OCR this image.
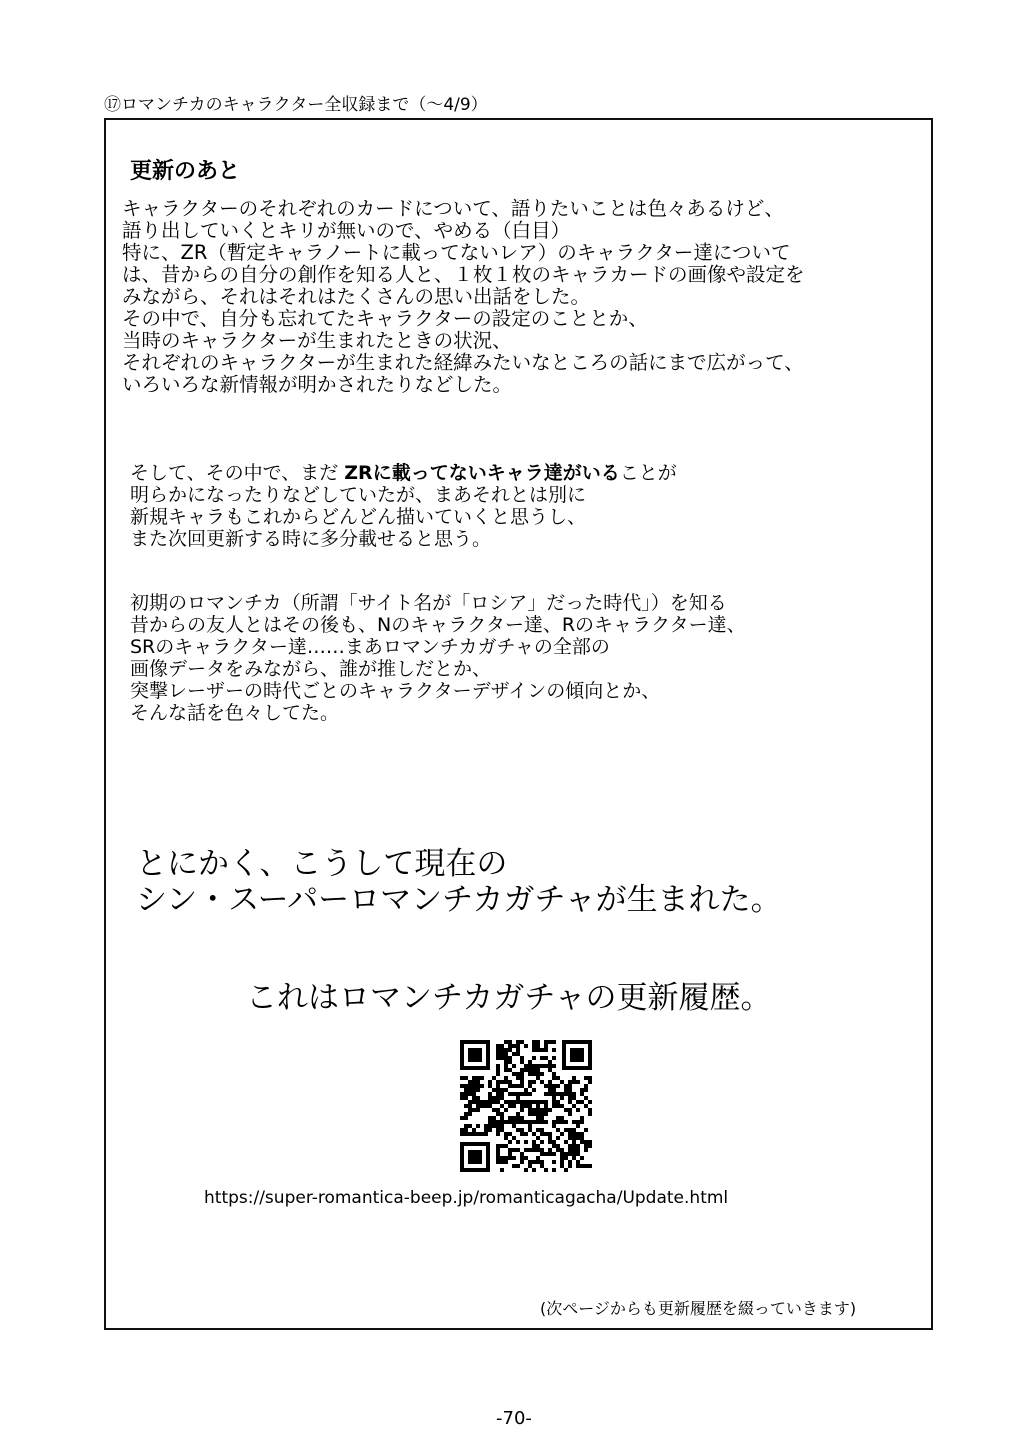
⑰ロマンチカのキャラクター全収録まで（〜4/9）
更新のあと
キャラクターのそれぞれのカードについて、語りたいことは色々あるけど、
語り出していくとキリが無いので、やめる（白目）
特に、ZR（暫定キャラノートに載ってないレア）のキャラクター達について
は、昔からの自分の創作を知る人と、１枚１枚のキャラカードの画像や設定を
みながら、それはそれはたくさんの思い出話をした。
その中で、自分も忘れてたキャラクターの設定のこととか、
当時のキャラクターが生まれたときの状況、
それぞれのキャラクターが生まれた経緯みたいなところの話にまで広がって、
いろいろな新情報が明かされたりなどした。
そして、その中で、まだ ZRに載ってないキャラ達がいることが
明らかになったりなどしていたが、まあそれとは別に
新規キャラもこれからどんどん描いていくと思うし、
また次回更新する時に多分載せると思う。
初期のロマンチカ（所謂「サイト名が「ロシア」だった時代」）を知る
昔からの友人とはその後も、Nのキャラクター達、Rのキャラクター達、
SRのキャラクター達……まあロマンチカガチャの全部の
画像データをみながら、誰が推しだとか、
突撃レーザーの時代ごとのキャラクターデザインの傾向とか、
そんな話を色々してた。
とにかく、こうして現在の
シン・スーパーロマンチカガチャが生まれた。
これはロマンチカガチャの更新履歴。
https://super-romantica-beep.jp/romanticagacha/Update.html
(次ページからも更新履歴を綴っていきます)
-70-
